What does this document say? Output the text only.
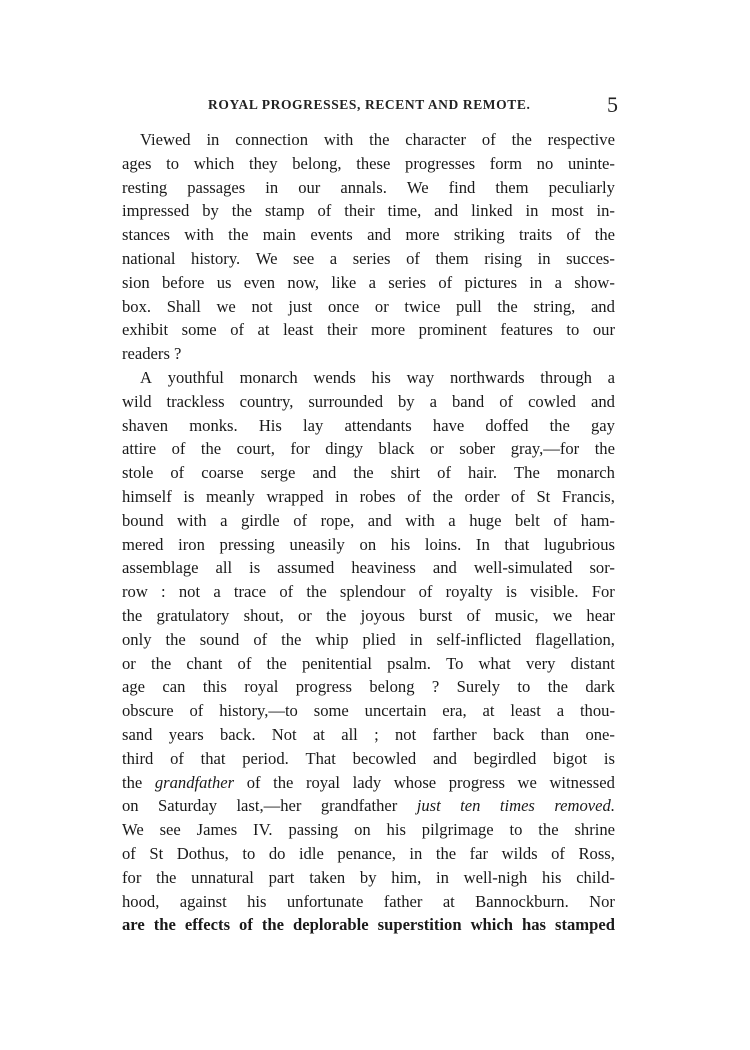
ROYAL PROGRESSES, RECENT AND REMOTE.	5
Viewed in connection with the character of the respective
ages to which they belong, these progresses form no uninte-
resting passages in our annals. We find them peculiarly
impressed by the stamp of their time, and linked in most in-
stances with the main events and more striking traits of the
national history. We see a series of them rising in succes-
sion before us even now, like a series of pictures in a show-
box. Shall we not just once or twice pull the string, and
exhibit some of at least their more prominent features to our
readers ?
A youthful monarch wends his way northwards through a
wild trackless country, surrounded by a band of cowled and
shaven monks. His lay attendants have doffed the gay
attire of the court, for dingy black or sober gray,—for the
stole of coarse serge and the shirt of hair. The monarch
himself is meanly wrapped in robes of the order of St Francis,
bound with a girdle of rope, and with a huge belt of ham-
mered iron pressing uneasily on his loins. In that lugubrious
assemblage all is assumed heaviness and well-simulated sor-
row : not a trace of the splendour of royalty is visible. For
the gratulatory shout, or the joyous burst of music, we hear
only the sound of the whip plied in self-inflicted flagellation,
or the chant of the penitential psalm. To what very distant
age can this royal progress belong ? Surely to the dark
obscure of history,—to some uncertain era, at least a thou-
sand years back. Not at all ; not farther back than one-
third of that period. That becowled and begirdled bigot is
the grandfather of the royal lady whose progress we witnessed
on Saturday last,—her grandfather just ten times removed.
We see James IV. passing on his pilgrimage to the shrine
of St Dothus, to do idle penance, in the far wilds of Ross,
for the unnatural part taken by him, in well-nigh his child-
hood, against his unfortunate father at Bannockburn. Nor
are the effects of the deplorable superstition which has stamped
